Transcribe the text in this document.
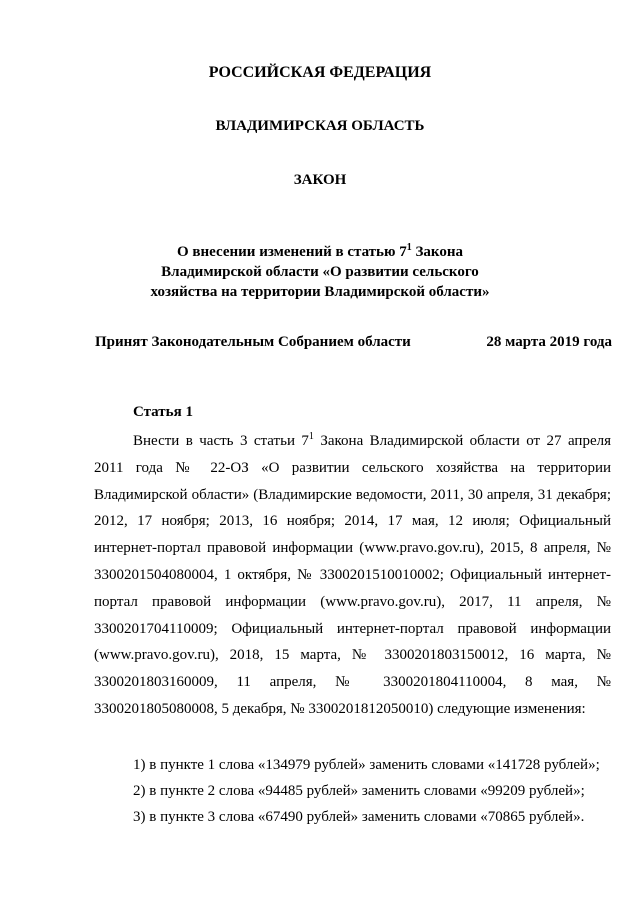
РОССИЙСКАЯ ФЕДЕРАЦИЯ
ВЛАДИМИРСКАЯ ОБЛАСТЬ
ЗАКОН
О внесении изменений в статью $7^1$ Закона
Владимирской области «О развитии сельского
хозяйства на территории Владимирской области»
Принят Законодательным Собранием области	28 марта 2019 года
Статья 1
Внести в часть 3 статьи $7^1$ Закона Владимирской области от 27 апреля 2011 года № 22-ОЗ «О развитии сельского хозяйства на территории Владимирской области» (Владимирские ведомости, 2011, 30 апреля, 31 декабря; 2012, 17 ноября; 2013, 16 ноября; 2014, 17 мая, 12 июля; Официальный интернет-портал правовой информации (www.pravo.gov.ru), 2015, 8 апреля, № 3300201504080004, 1 октября, № 3300201510010002; Официальный интернет-портал правовой информации (www.pravo.gov.ru), 2017, 11 апреля, № 3300201704110009; Официальный интернет-портал правовой информации (www.pravo.gov.ru), 2018, 15 марта, № 3300201803150012, 16 марта, № 3300201803160009, 11 апреля, № 3300201804110004, 8 мая, № 3300201805080008, 5 декабря, № 3300201812050010) следующие изменения:
1) в пункте 1 слова «134979 рублей» заменить словами «141728 рублей»;
2) в пункте 2 слова «94485 рублей» заменить словами «99209 рублей»;
3) в пункте 3 слова «67490 рублей» заменить словами «70865 рублей».
